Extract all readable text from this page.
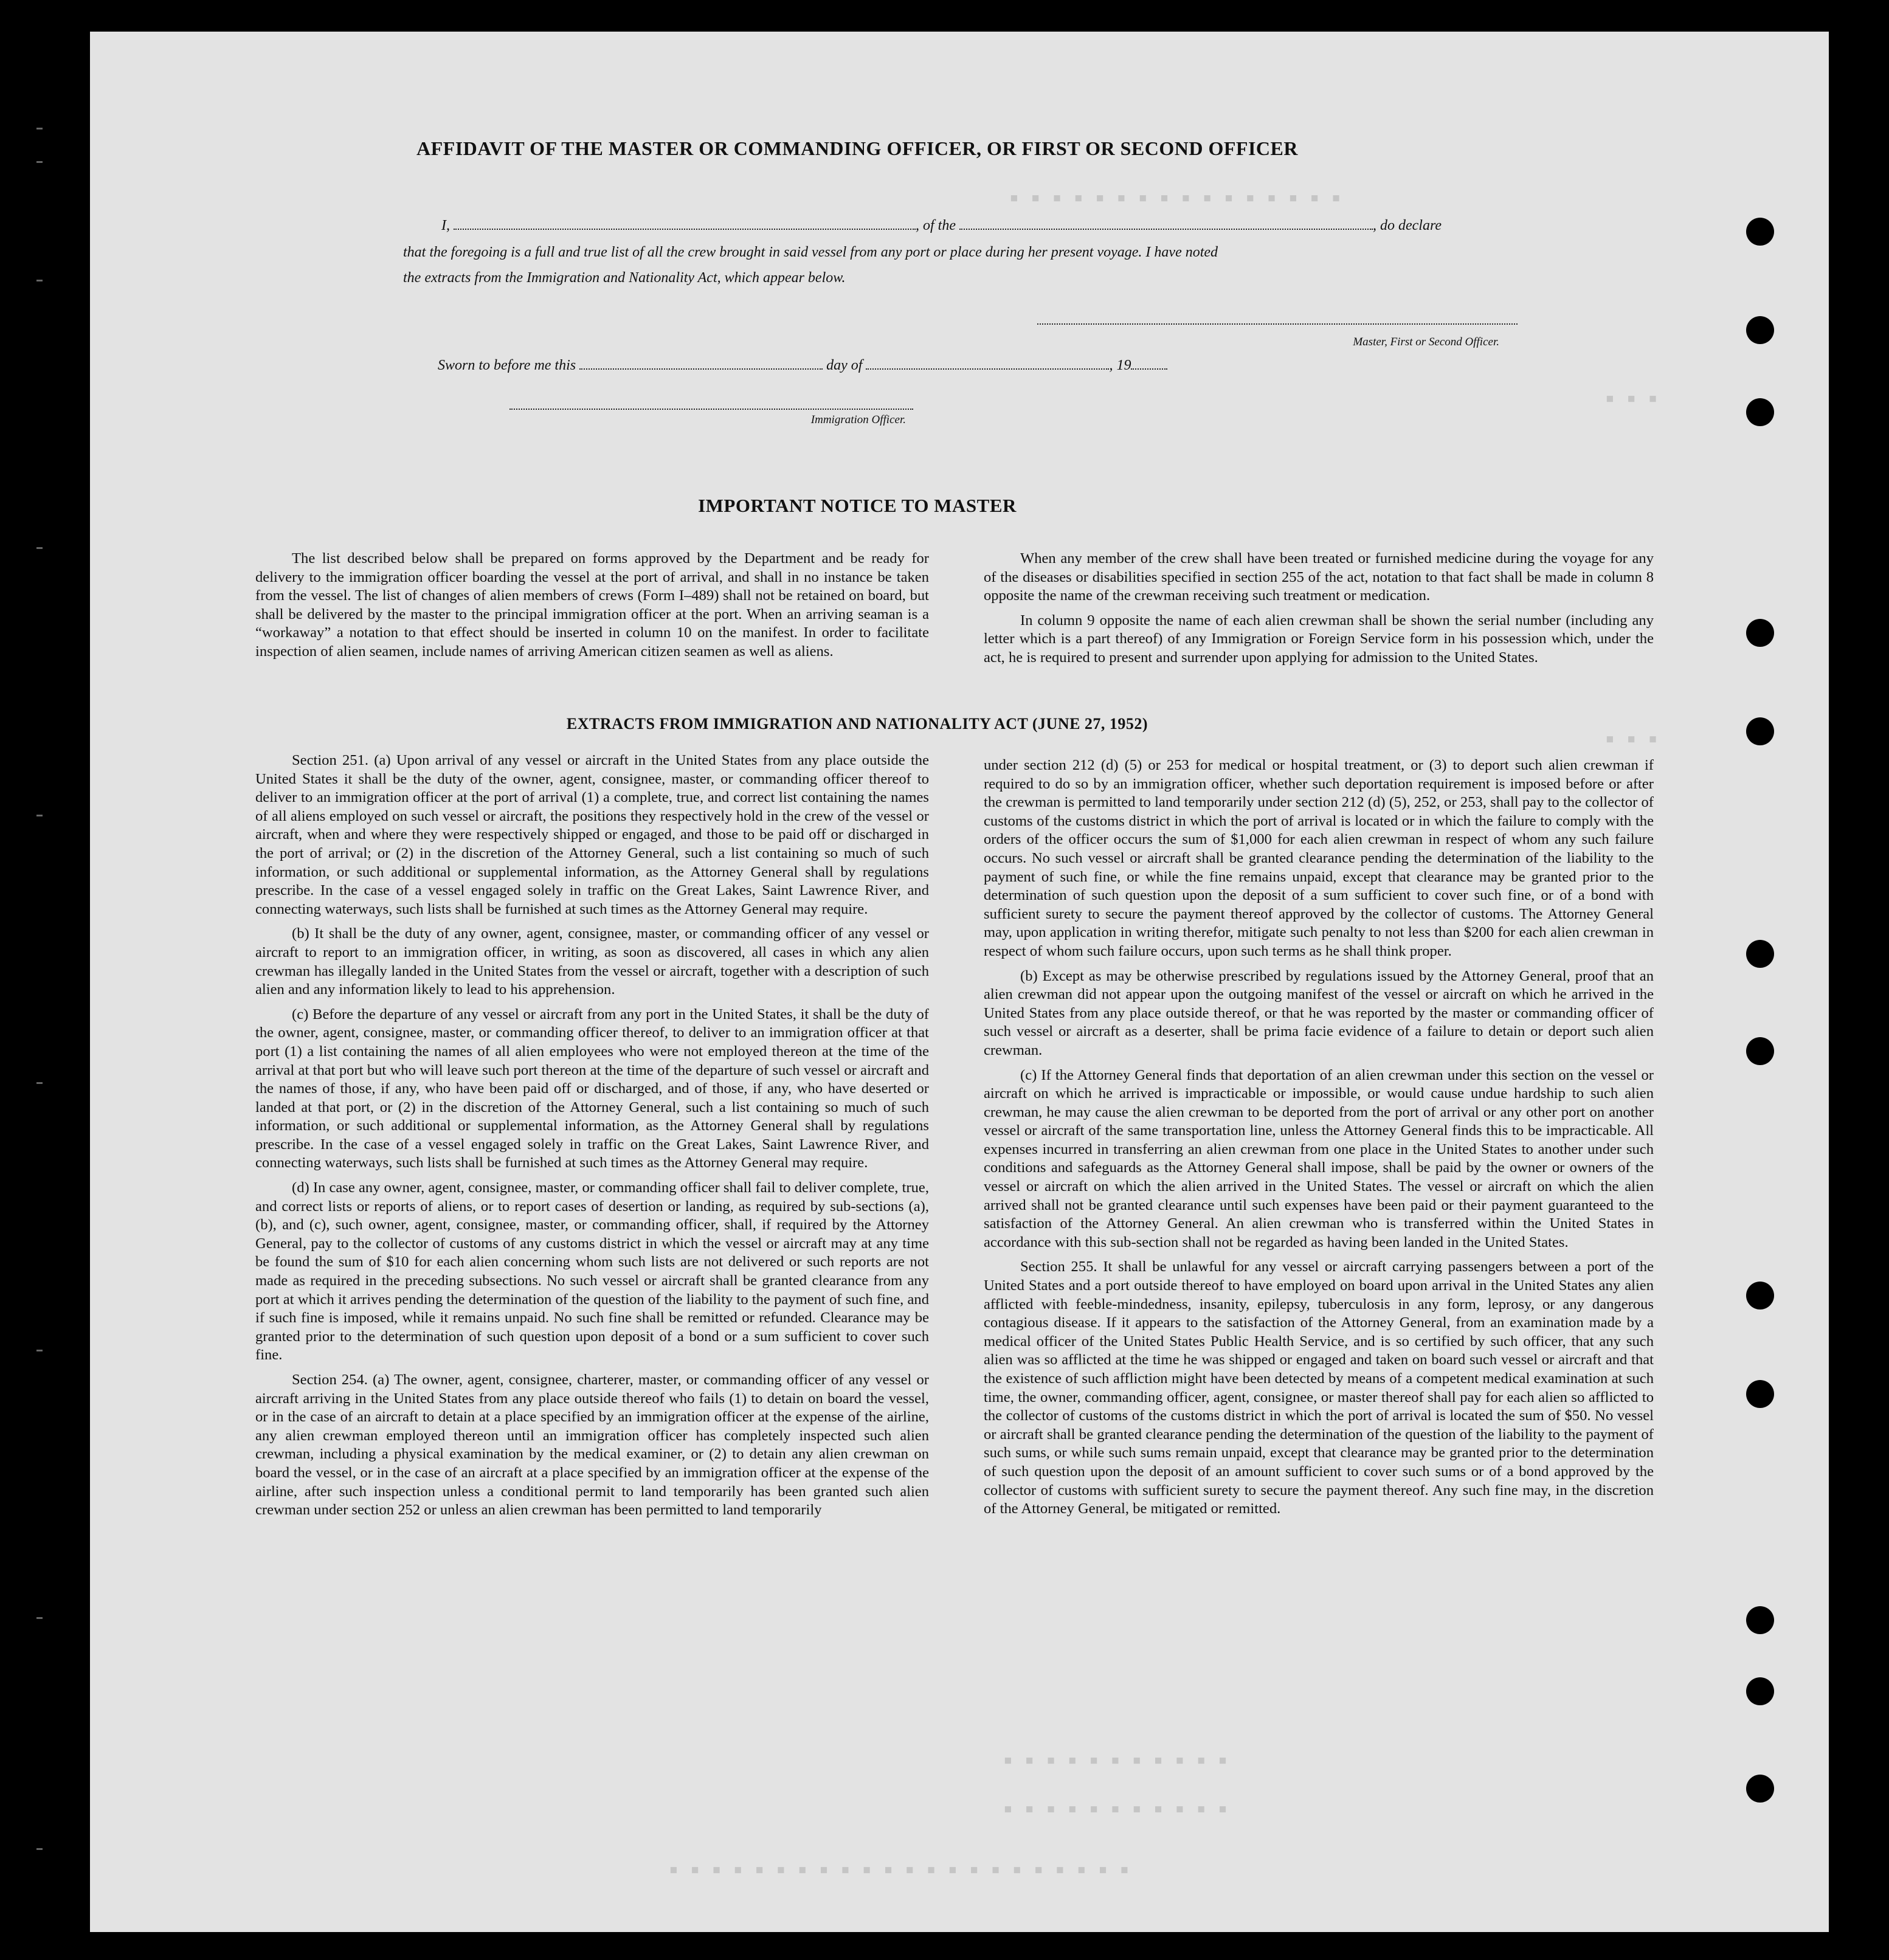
▪ ▪ ▪ ▪ ▪ ▪ ▪ ▪ ▪ ▪ ▪ ▪ ▪ ▪ ▪ ▪
▪ ▪ ▪
▪ ▪ ▪
▪ ▪ ▪ ▪ ▪ ▪ ▪ ▪ ▪ ▪ ▪
▪ ▪ ▪ ▪ ▪ ▪ ▪ ▪ ▪ ▪ ▪
▪ ▪ ▪ ▪ ▪ ▪ ▪ ▪ ▪ ▪ ▪ ▪ ▪ ▪ ▪ ▪ ▪ ▪ ▪ ▪ ▪ ▪
AFFIDAVIT OF THE MASTER OR COMMANDING OFFICER, OR FIRST OR SECOND OFFICER
I,	, of the	, do declare
that the foregoing is a full and true list of all the crew brought in said vessel from any port or place during her present voyage. I have noted
the extracts from the Immigration and Nationality Act, which appear below.
Master, First or Second Officer.
Sworn to before me this	day of	, 19
Immigration Officer.
IMPORTANT NOTICE TO MASTER

The list described below shall be prepared on forms approved by the Department and be ready for delivery to the immigration officer boarding the vessel at the port of arrival, and shall in no instance be taken from the vessel. The list of changes of alien members of crews (Form I–489) shall not be retained on board, but shall be delivered by the master to the principal immigration officer at the port. When an arriving seaman is a “workaway” a notation to that effect should be inserted in column 10 on the manifest. In order to facilitate inspection of alien seamen, include names of arriving American citizen seamen as well as aliens.

When any member of the crew shall have been treated or furnished medicine during the voyage for any of the diseases or disabilities specified in section 255 of the act, notation to that fact shall be made in column 8 opposite the name of the crewman receiving such treatment or medication.

In column 9 opposite the name of each alien crewman shall be shown the serial number (including any letter which is a part thereof) of any Immigration or Foreign Service form in his possession which, under the act, he is required to present and surrender upon applying for admission to the United States.

EXTRACTS FROM IMMIGRATION AND NATIONALITY ACT (JUNE 27, 1952)

Section 251. (a) Upon arrival of any vessel or aircraft in the United States from any place outside the United States it shall be the duty of the owner, agent, consignee, master, or commanding officer thereof to deliver to an immigration officer at the port of arrival (1) a complete, true, and correct list containing the names of all aliens employed on such vessel or aircraft, the positions they respectively hold in the crew of the vessel or aircraft, when and where they were respectively shipped or engaged, and those to be paid off or discharged in the port of arrival; or (2) in the discretion of the Attorney General, such a list containing so much of such information, or such additional or supplemental information, as the Attorney General shall by regulations prescribe. In the case of a vessel engaged solely in traffic on the Great Lakes, Saint Lawrence River, and connecting waterways, such lists shall be furnished at such times as the Attorney General may require.

(b) It shall be the duty of any owner, agent, consignee, master, or commanding officer of any vessel or aircraft to report to an immigration officer, in writing, as soon as discovered, all cases in which any alien crewman has illegally landed in the United States from the vessel or aircraft, together with a description of such alien and any information likely to lead to his apprehension.

(c) Before the departure of any vessel or aircraft from any port in the United States, it shall be the duty of the owner, agent, consignee, master, or commanding officer thereof, to deliver to an immigration officer at that port (1) a list containing the names of all alien employees who were not employed thereon at the time of the arrival at that port but who will leave such port thereon at the time of the departure of such vessel or aircraft and the names of those, if any, who have been paid off or discharged, and of those, if any, who have deserted or landed at that port, or (2) in the discretion of the Attorney General, such a list containing so much of such information, or such additional or supplemental information, as the Attorney General shall by regulations prescribe. In the case of a vessel engaged solely in traffic on the Great Lakes, Saint Lawrence River, and connecting waterways, such lists shall be furnished at such times as the Attorney General may require.

(d) In case any owner, agent, consignee, master, or commanding officer shall fail to deliver complete, true, and correct lists or reports of aliens, or to report cases of desertion or landing, as required by sub-sections (a), (b), and (c), such owner, agent, consignee, master, or commanding officer, shall, if required by the Attorney General, pay to the collector of customs of any customs district in which the vessel or aircraft may at any time be found the sum of $10 for each alien concerning whom such lists are not delivered or such reports are not made as required in the preceding subsections. No such vessel or aircraft shall be granted clearance from any port at which it arrives pending the determination of the question of the liability to the payment of such fine, and if such fine is imposed, while it remains unpaid. No such fine shall be remitted or refunded. Clearance may be granted prior to the determination of such question upon deposit of a bond or a sum sufficient to cover such fine.

Section 254. (a) The owner, agent, consignee, charterer, master, or commanding officer of any vessel or aircraft arriving in the United States from any place outside thereof who fails (1) to detain on board the vessel, or in the case of an aircraft to detain at a place specified by an immigration officer at the expense of the airline, any alien crewman employed thereon until an immigration officer has completely inspected such alien crewman, including a physical examination by the medical examiner, or (2) to detain any alien crewman on board the vessel, or in the case of an aircraft at a place specified by an immigration officer at the expense of the airline, after such inspection unless a conditional permit to land temporarily has been granted such alien crewman under section 252 or unless an alien crewman has been permitted to land temporarily

under section 212 (d) (5) or 253 for medical or hospital treatment, or (3) to deport such alien crewman if required to do so by an immigration officer, whether such deportation requirement is imposed before or after the crewman is permitted to land temporarily under section 212 (d) (5), 252, or 253, shall pay to the collector of customs of the customs district in which the port of arrival is located or in which the failure to comply with the orders of the officer occurs the sum of $1,000 for each alien crewman in respect of whom any such failure occurs. No such vessel or aircraft shall be granted clearance pending the determination of the liability to the payment of such fine, or while the fine remains unpaid, except that clearance may be granted prior to the determination of such question upon the deposit of a sum sufficient to cover such fine, or of a bond with sufficient surety to secure the payment thereof approved by the collector of customs. The Attorney General may, upon application in writing therefor, mitigate such penalty to not less than $200 for each alien crewman in respect of whom such failure occurs, upon such terms as he shall think proper.

(b) Except as may be otherwise prescribed by regulations issued by the Attorney General, proof that an alien crewman did not appear upon the outgoing manifest of the vessel or aircraft on which he arrived in the United States from any place outside thereof, or that he was reported by the master or commanding officer of such vessel or aircraft as a deserter, shall be prima facie evidence of a failure to detain or deport such alien crewman.

(c) If the Attorney General finds that deportation of an alien crewman under this section on the vessel or aircraft on which he arrived is impracticable or impossible, or would cause undue hardship to such alien crewman, he may cause the alien crewman to be deported from the port of arrival or any other port on another vessel or aircraft of the same transportation line, unless the Attorney General finds this to be impracticable. All expenses incurred in transferring an alien crewman from one place in the United States to another under such conditions and safeguards as the Attorney General shall impose, shall be paid by the owner or owners of the vessel or aircraft on which the alien arrived in the United States. The vessel or aircraft on which the alien arrived shall not be granted clearance until such expenses have been paid or their payment guaranteed to the satisfaction of the Attorney General. An alien crewman who is transferred within the United States in accordance with this sub-section shall not be regarded as having been landed in the United States.

Section 255. It shall be unlawful for any vessel or aircraft carrying passengers between a port of the United States and a port outside thereof to have employed on board upon arrival in the United States any alien afflicted with feeble-mindedness, insanity, epilepsy, tuberculosis in any form, leprosy, or any dangerous contagious disease. If it appears to the satisfaction of the Attorney General, from an examination made by a medical officer of the United States Public Health Service, and is so certified by such officer, that any such alien was so afflicted at the time he was shipped or engaged and taken on board such vessel or aircraft and that the existence of such affliction might have been detected by means of a competent medical examination at such time, the owner, commanding officer, agent, consignee, or master thereof shall pay for each alien so afflicted to the collector of customs of the customs district in which the port of arrival is located the sum of $50. No vessel or aircraft shall be granted clearance pending the determination of the question of the liability to the payment of such sums, or while such sums remain unpaid, except that clearance may be granted prior to the determination of such question upon the deposit of an amount sufficient to cover such sums or of a bond approved by the collector of customs with sufficient surety to secure the payment thereof. Any such fine may, in the discretion of the Attorney General, be mitigated or remitted.
